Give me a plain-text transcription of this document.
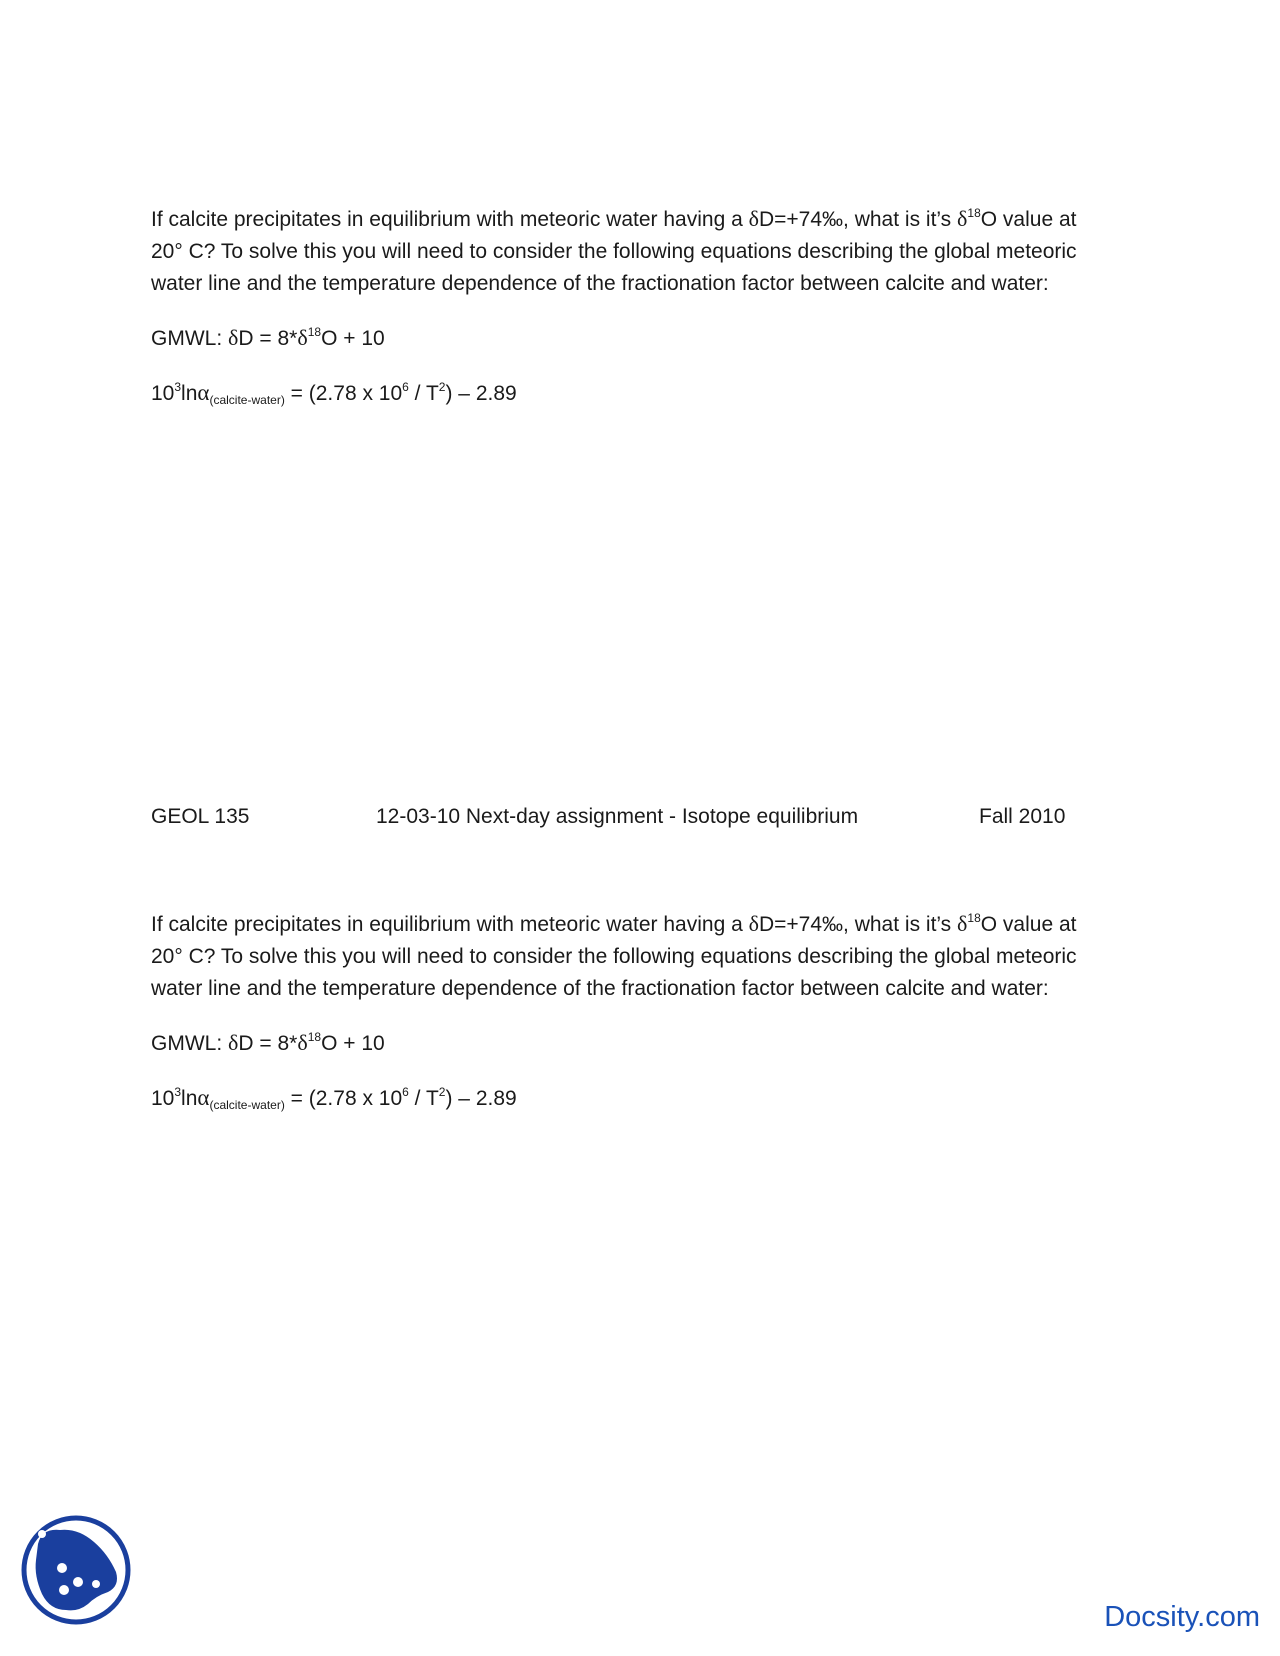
If calcite precipitates in equilibrium with meteoric water having a δD=+74‰, what is it’s $\delta^{18}O$ value at 20° C? To solve this you will need to consider the following equations describing the global meteoric water line and the temperature dependence of the fractionation factor between calcite and water:

GMWL: $\delta D = 8*\delta^{18}O + 10$

$10^3\ln\alpha_{(calcite-water)} = (2.78$ x $10^6 / T^2) - 2.89$

GEOL 135	12-03-10 Next-day assignment - Isotope equilibrium	Fall 2010

If calcite precipitates in equilibrium with meteoric water having a δD=+74‰, what is it’s $\delta^{18}O$ value at 20° C? To solve this you will need to consider the following equations describing the global meteoric water line and the temperature dependence of the fractionation factor between calcite and water:

GMWL: $\delta D = 8*\delta^{18}O + 10$

$10^3\ln\alpha_{(calcite-water)} = (2.78$ x $10^6 / T^2) - 2.89$

Docsity.com
